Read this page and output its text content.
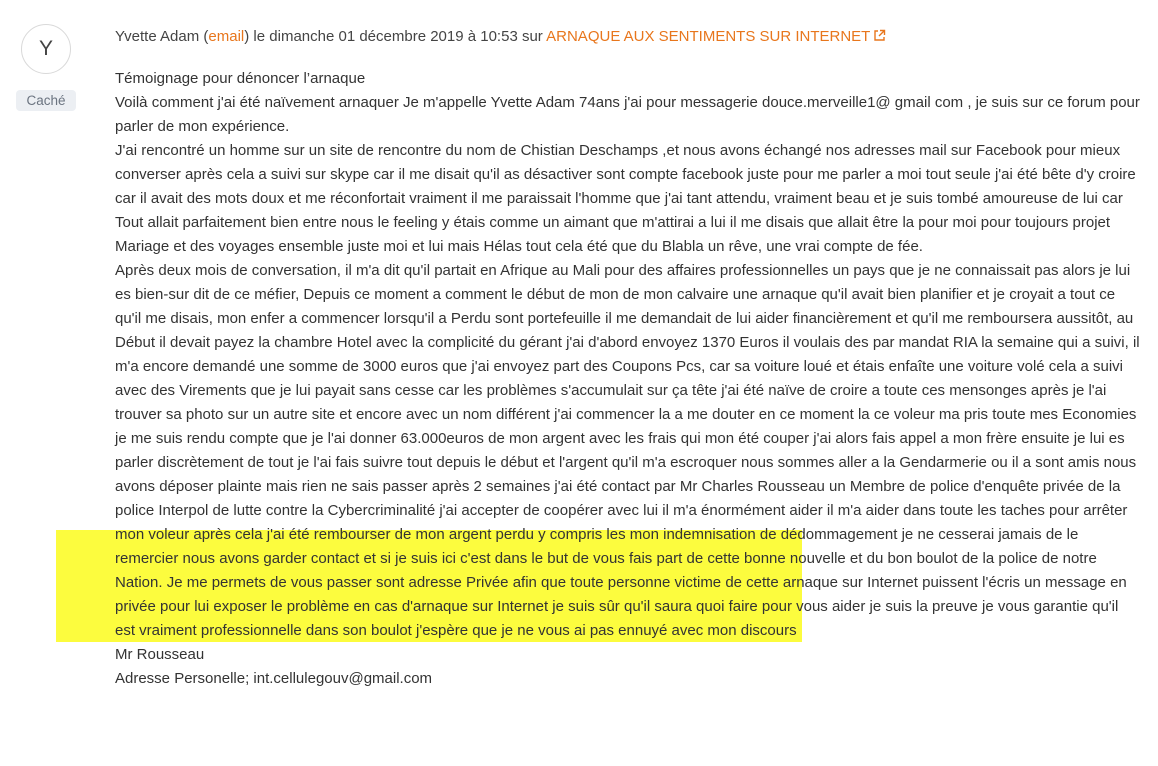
Y
Caché
Yvette Adam (email) le dimanche 01 décembre 2019 à 10:53 sur ARNAQUE AUX SENTIMENTS SUR INTERNET

Témoignage pour dénoncer l’arnaque

Voilà comment j'ai été naïvement arnaquer Je m'appelle Yvette Adam 74ans j'ai pour messagerie douce.merveille1@ gmail com , je suis sur ce forum pour parler de mon expérience.

J'ai rencontré un homme sur un site de rencontre du nom de Chistian Deschamps ,et nous avons échangé nos adresses mail sur Facebook pour mieux converser après cela a suivi sur skype car il me disait qu'il as désactiver sont compte facebook juste pour me parler a moi tout seule j'ai été bête d'y croire car il avait des mots doux et me réconfortait vraiment il me paraissait l'homme que j'ai tant attendu, vraiment beau et je suis tombé amoureuse de lui car Tout allait parfaitement bien entre nous le feeling y étais comme un aimant que m'attirai a lui il me disais que allait être la pour moi pour toujours projet Mariage et des voyages ensemble juste moi et lui mais Hélas tout cela été que du Blabla un rêve, une vrai compte de fée.

Après deux mois de conversation, il m'a dit qu'il partait en Afrique au Mali pour des affaires professionnelles un pays que je ne connaissait pas alors je lui es bien-sur dit de ce méfier, Depuis ce moment a comment le début de mon de mon calvaire une arnaque qu'il avait bien planifier et je croyait a tout ce qu'il me disais, mon enfer a commencer lorsqu'il a Perdu sont portefeuille il me demandait de lui aider financièrement et qu'il me remboursera aussitôt, au Début il devait payez la chambre Hotel avec la complicité du gérant j'ai d'abord envoyez 1370 Euros il voulais des par mandat RIA la semaine qui a suivi, il m'a encore demandé une somme de 3000 euros que j'ai envoyez part des Coupons Pcs, car sa voiture loué et étais enfaîte une voiture volé cela a suivi avec des Virements que je lui payait sans cesse car les problèmes s'accumulait sur ça tête j'ai été naïve de croire a toute ces mensonges après je l'ai trouver sa photo sur un autre site et encore avec un nom différent j'ai commencer la a me douter en ce moment la ce voleur ma pris toute mes Economies je me suis rendu compte que je l'ai donner 63.000euros de mon argent avec les frais qui mon été couper j'ai alors fais appel a mon frère ensuite je lui es parler discrètement de tout je l'ai fais suivre tout depuis le début et l'argent qu'il m'a escroquer nous sommes aller a la Gendarmerie ou il a sont amis nous avons déposer plainte mais rien ne sais passer après 2 semaines j'ai été contact par Mr Charles Rousseau un Membre de police d'enquête privée de la police Interpol de lutte contre la Cybercriminalité j'ai accepter de coopérer avec lui il m'a énormément aider il m'a aider dans toute les taches pour arrêter mon voleur après cela j'ai été rembourser de mon argent perdu y compris les mon indemnisation de dédommagement je ne cesserai jamais de le remercier nous avons garder contact et si je suis ici c'est dans le but de vous fais part de cette bonne nouvelle et du bon boulot de la police de notre Nation. Je me permets de vous passer sont adresse Privée afin que toute personne victime de cette arnaque sur Internet puissent l'écris un message en privée pour lui exposer le problème en cas d'arnaque sur Internet je suis sûr qu'il saura quoi faire pour vous aider je suis la preuve je vous garantie qu'il est vraiment professionnelle dans son boulot j'espère que je ne vous ai pas ennuyé avec mon discours

Mr Rousseau

Adresse Personelle; int.cellulegouv@gmail.com
